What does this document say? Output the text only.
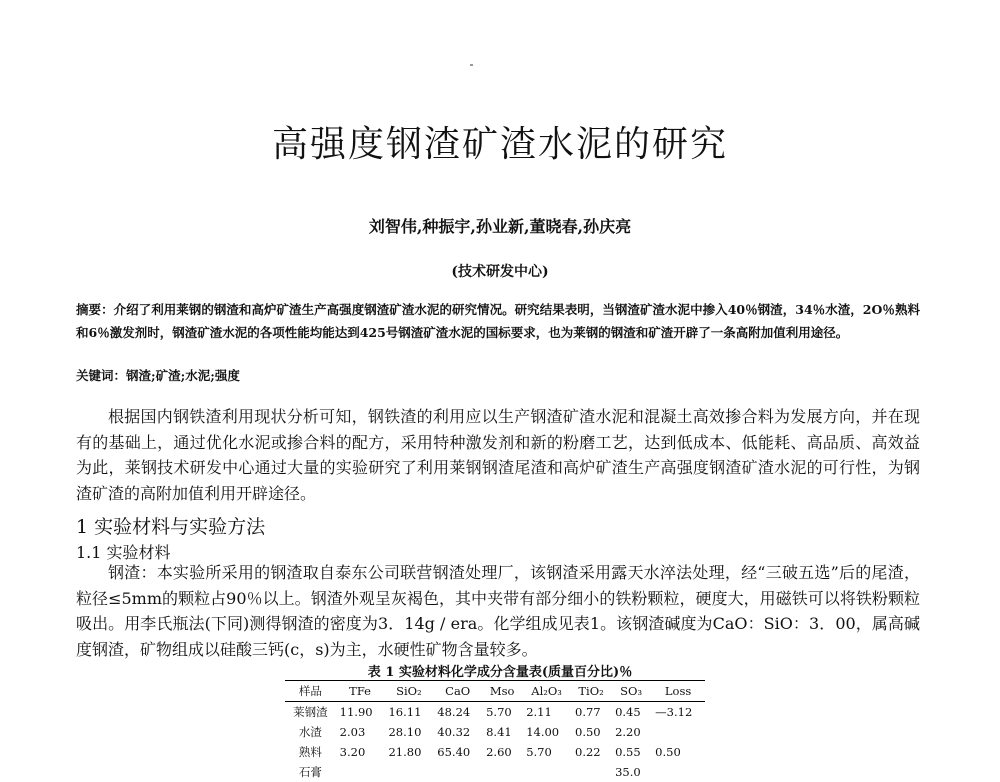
高强度钢渣矿渣水泥的研究
刘智伟,种振宇,孙业新,董晓春,孙庆亮
(技术研发中心)
摘要：介绍了利用莱钢的钢渣和高炉矿渣生产高强度钢渣矿渣水泥的研究情况。研究结果表明，当钢渣矿渣水泥中掺入40％钢渣，34％水渣，2O％熟料和6％激发剂时，钢渣矿渣水泥的各项性能均能达到425号钢渣矿渣水泥的国标要求，也为莱钢的钢渣和矿渣开辟了一条高附加值利用途径。
关键词：钢渣;矿渣;水泥;强度
根据国内钢铁渣利用现状分析可知，钢铁渣的利用应以生产钢渣矿渣水泥和混凝土高效掺合料为发展方向，并在现有的基础上，通过优化水泥或掺合料的配方，采用特种激发剂和新的粉磨工艺，达到低成本、低能耗、高品质、高效益为此，莱钢技术研发中心通过大量的实验研究了利用莱钢钢渣尾渣和高炉矿渣生产高强度钢渣矿渣水泥的可行性，为钢渣矿渣的高附加值利用开辟途径。
1 实验材料与实验方法
1.1 实验材料
钢渣：本实验所采用的钢渣取自泰东公司联营钢渣处理厂，该钢渣采用露天水淬法处理，经“三破五选”后的尾渣，粒径≤5mm的颗粒占90％以上。钢渣外观呈灰褐色，其中夹带有部分细小的铁粉颗粒，硬度大，用磁铁可以将铁粉颗粒吸出。用李氏瓶法(下同)测得钢渣的密度为3．14g / era。化学组成见表1。该钢渣碱度为CaO：SiO：3．00，属高碱度钢渣，矿物组成以硅酸三钙(c，s)为主，水硬性矿物含量较多。
表 1 实验材料化学成分含量表(质量百分比)％
样品	TFe	SiO₂	CaO	Mso	Al₂O₃	TiO₂	SO₃	Loss
莱钢渣	11.90	16.11	48.24	5.70	2.11	0.77	0.45	—3.12
水渣	2.03	28.10	40.32	8.41	14.00	0.50	2.20	
熟料	3.20	21.80	65.40	2.60	5.70	0.22	0.55	0.50
石膏							35.0	
